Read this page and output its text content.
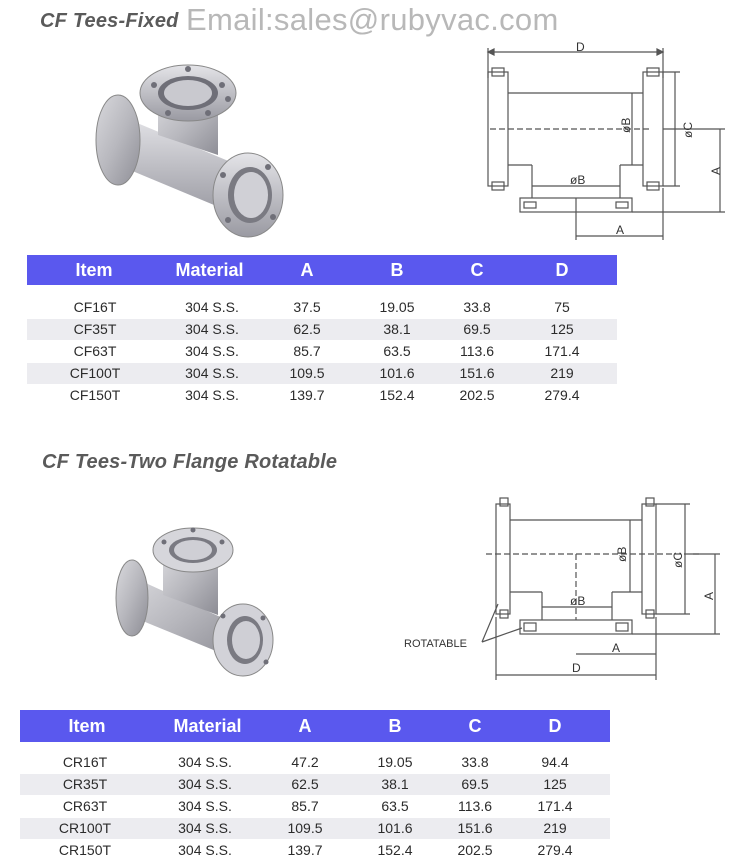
CF Tees-Fixed Email:sales@rubyvac.com
D
øB	øC
A
øB
A
Item	Material	A	B	C	D
CF16T	304 S.S.	37.5	19.05	33.8	75
CF35T	304 S.S.	62.5	38.1	69.5	125
CF63T	304 S.S.	85.7	63.5	113.6	171.4
CF100T	304 S.S.	109.5	101.6	151.6	219
CF150T	304 S.S.	139.7	152.4	202.5	279.4
CF Tees-Two Flange Rotatable
øB	øC
A
øB
A
D
ROTATABLE
Item	Material	A	B	C	D
CR16T	304 S.S.	47.2	19.05	33.8	94.4
CR35T	304 S.S.	62.5	38.1	69.5	125
CR63T	304 S.S.	85.7	63.5	113.6	171.4
CR100T	304 S.S.	109.5	101.6	151.6	219
CR150T	304 S.S.	139.7	152.4	202.5	279.4
